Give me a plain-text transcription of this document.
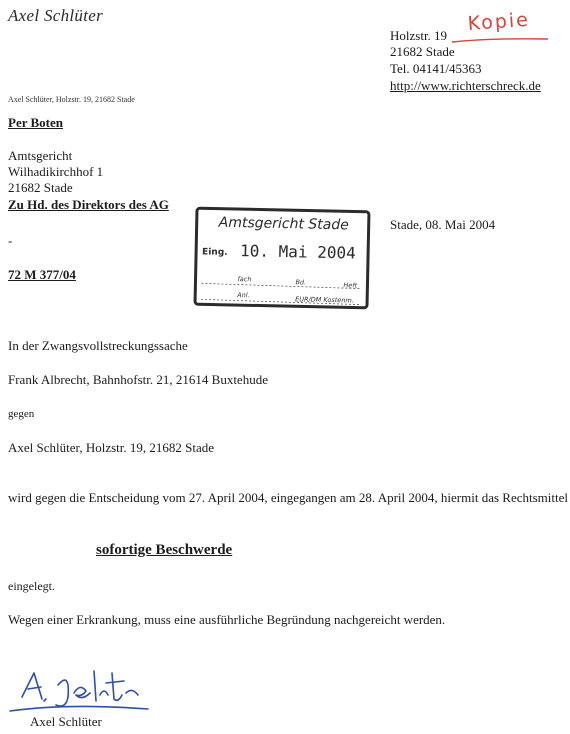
Axel Schlüter
Holzstr. 19
21682 Stade
Tel. 04141/45363
http://www.richterschreck.de
Kopie
Axel Schlüter, Holzstr. 19, 21682 Stade
Per Boten
Amtsgericht
Wilhadikirchhof 1
21682 Stade
Zu Hd. des Direktors des AG
-
72 M 377/04
Stade, 08. Mai 2004
Amtsgericht Stade
Eing. 10. Mai 2004
fach	Bd.	Heft
Anl.
EUR/DM Kostenm.
In der Zwangsvollstreckungssache
Frank Albrecht, Bahnhofstr. 21, 21614 Buxtehude
gegen
Axel Schlüter, Holzstr. 19, 21682 Stade
wird gegen die Entscheidung vom 27. April 2004, eingegangen am 28. April 2004, hiermit das Rechtsmittel
sofortige Beschwerde
eingelegt.
Wegen einer Erkrankung, muss eine ausführliche Begründung nachgereicht werden.
Axel Schlüter
